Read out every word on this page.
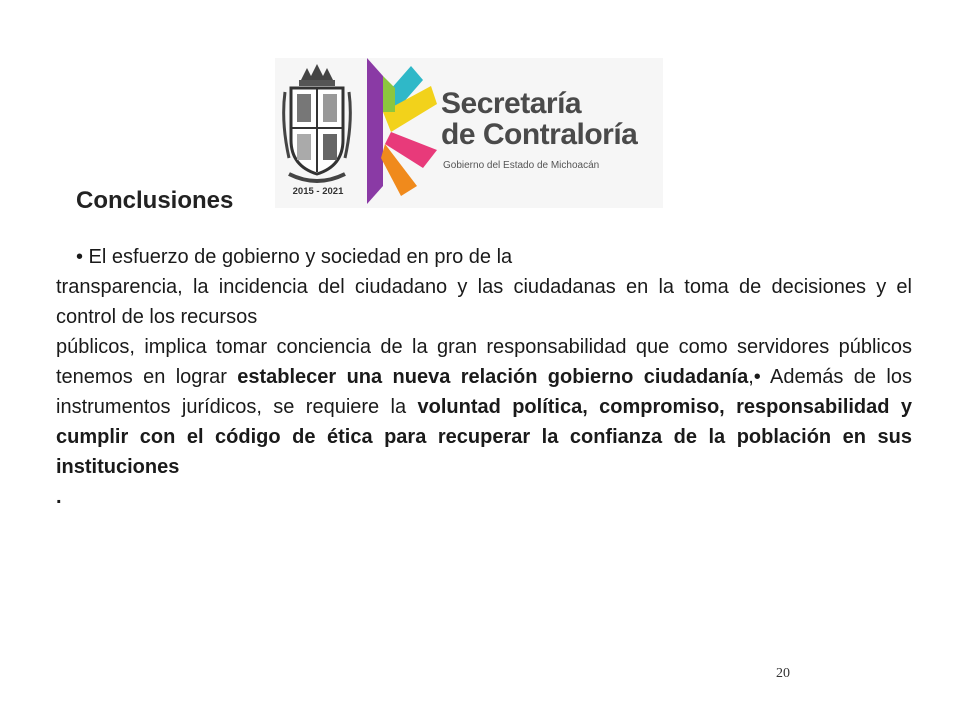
2015 - 2021
Secretaría
de Contraloría
Gobierno del Estado de Michoacán
Conclusiones

• El esfuerzo de gobierno y sociedad en pro de la

transparencia, la incidencia del ciudadano y las ciudadanas en la toma de decisiones y el control de los recursos

públicos, implica tomar conciencia de la gran responsabilidad que como servidores públicos tenemos en lograr establecer una nueva relación gobierno ciudadanía,• Además de los instrumentos jurídicos, se requiere la voluntad política, compromiso, responsabilidad y cumplir con el código de ética para recuperar la confianza de la población en sus instituciones

.

20
